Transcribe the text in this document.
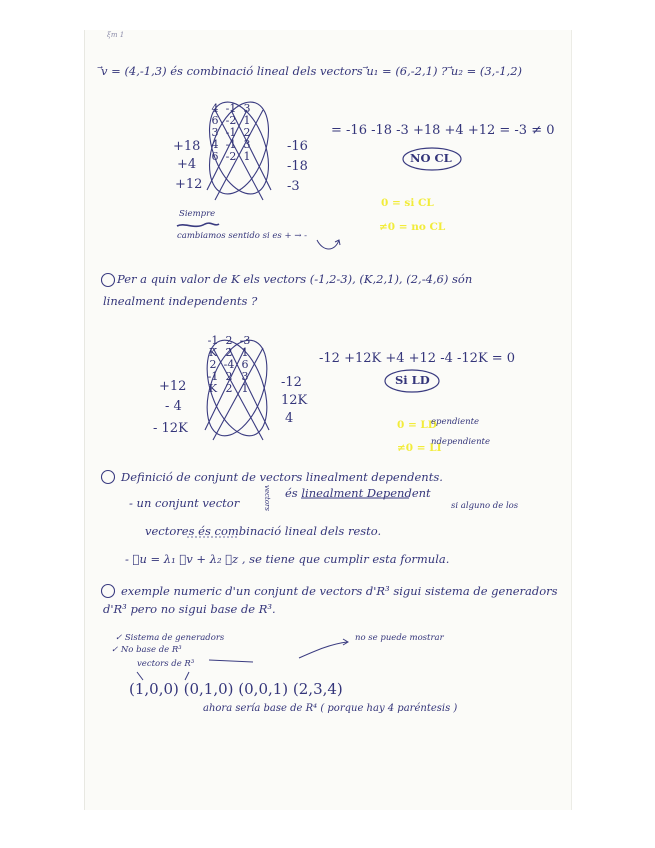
ξm 1
⃗v = (4,-1,3) és combinació lineal dels vectors ⃗u₁ = (6,-2,1) ? ⃗u₂ = (3,-1,2)
4 -1 3
6 -2 1
3 -1 2
4 -1 3
6 -2 1
+18
+4
+12
-16
-18
-3
= -16 -18 -3 +18 +4 +12 = -3 ≠ 0
NO CL
0 = si CL
≠0 = no CL
Siempre
cambiamos sentido si es + → -
Per a quin valor de K els vectors (-1,2-3), (K,2,1), (2,-4,6) són
linealment independents ?
-1 2 -3
K 2 1
2 -4 6
-1 2 3
K 2 1
+12
- 4
- 12K
-12
12K
4
-12 +12K +4 +12 -4 -12K = 0
Si LD
0 = LD
≠0 = LI
ependiente
ndependiente
Definició de conjunt de vectors linealment dependents.
- un conjunt vector	vectors és linealment Dependent
si alguno de los
vectores és combinació lineal dels resto.
- ⃗u = λ₁ ⃗v + λ₂ ⃗z , se tiene que cumplir esta formula.
exemple numeric d'un conjunt de vectors d'R³ sigui sistema de generadors
d'R³ pero no sigui base de R³.
✓ Sistema de generadors
✓ No base de R³
vectors de R³
no se puede mostrar
(1,0,0) (0,1,0) (0,0,1) (2,3,4)
ahora sería base de R⁴ ( porque hay 4 paréntesis )
